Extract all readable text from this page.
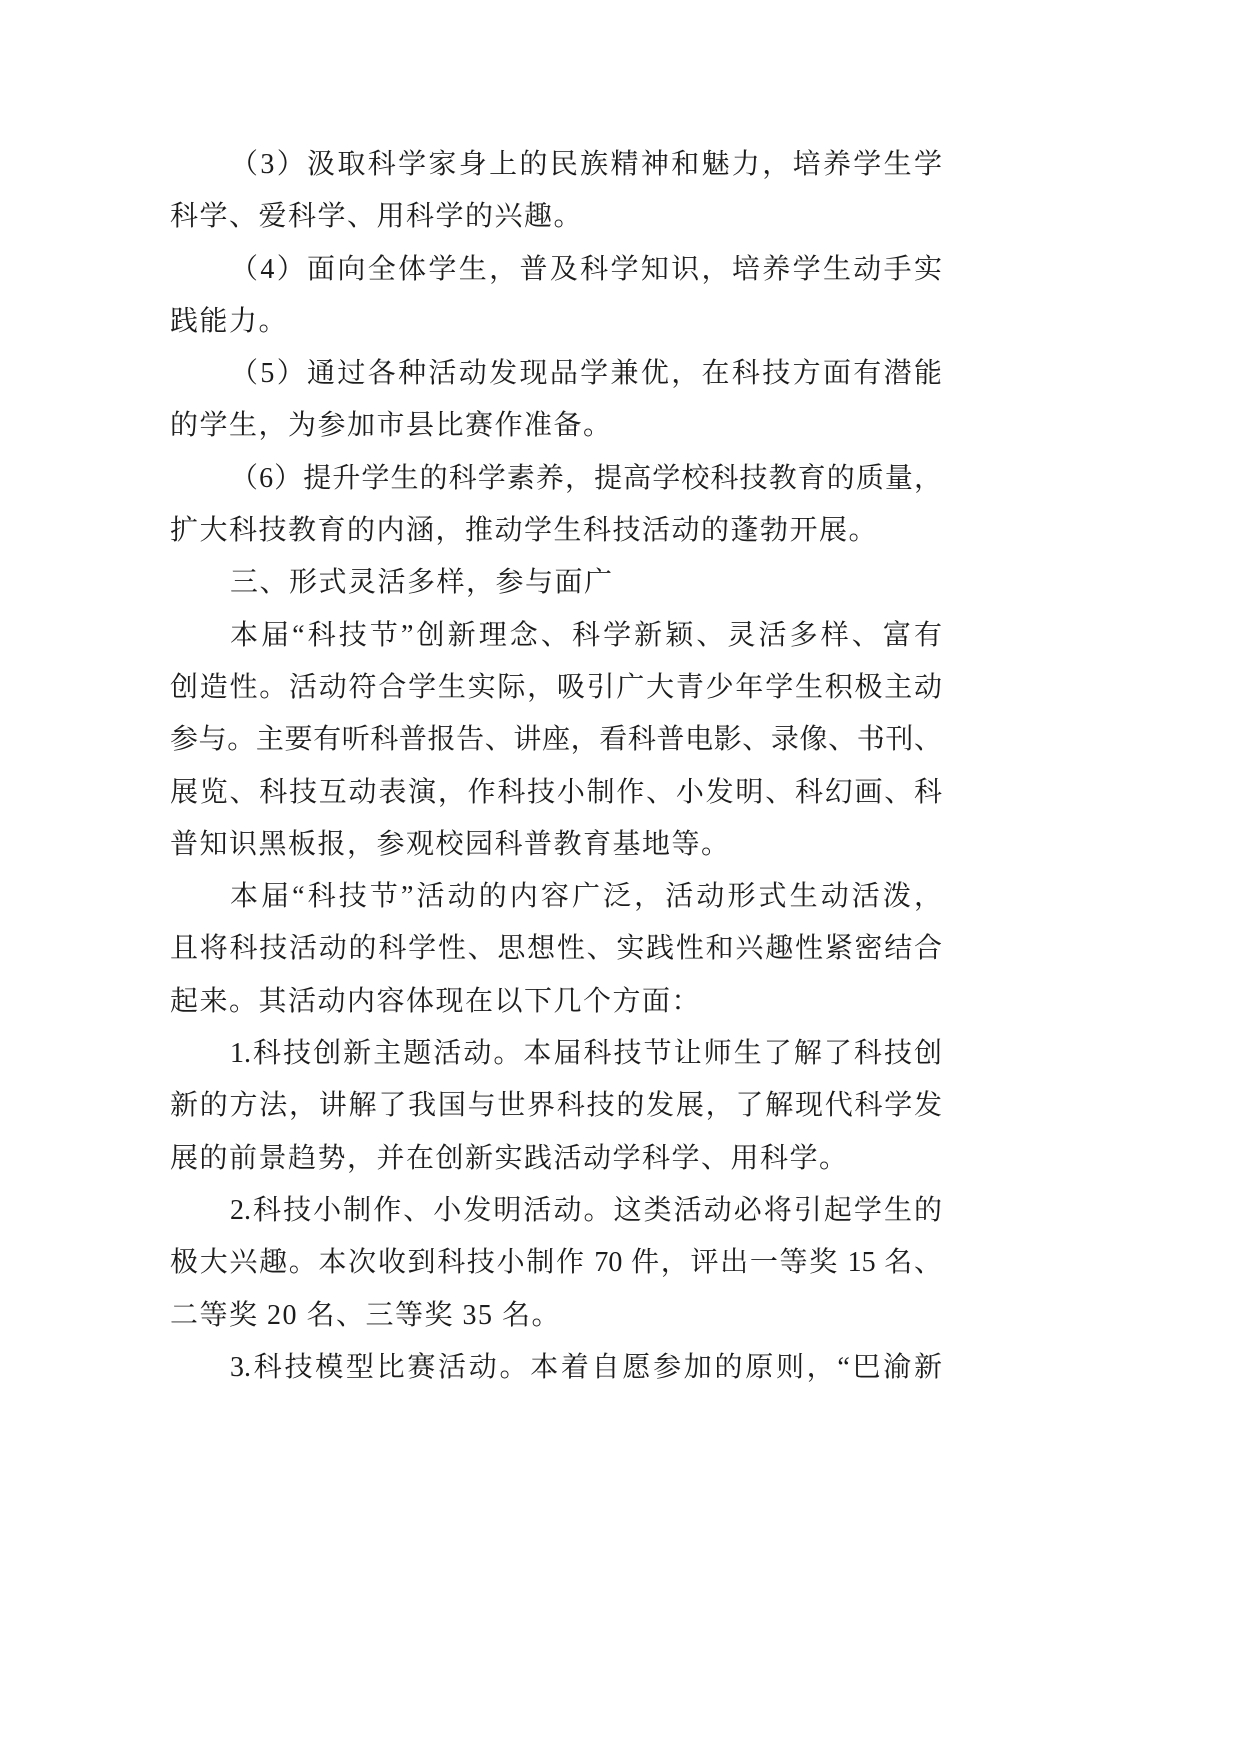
（3）汲取科学家身上的民族精神和魅力，培养学生学
科学、爱科学、用科学的兴趣。
（4）面向全体学生，普及科学知识，培养学生动手实
践能力。
（5）通过各种活动发现品学兼优，在科技方面有潜能
的学生，为参加市县比赛作准备。
（6）提升学生的科学素养，提高学校科技教育的质量，
扩大科技教育的内涵，推动学生科技活动的蓬勃开展。
三、形式灵活多样，参与面广
本届“科技节”创新理念、科学新颖、灵活多样、富有
创造性。活动符合学生实际，吸引广大青少年学生积极主动
参与。主要有听科普报告、讲座，看科普电影、录像、书刊、
展览、科技互动表演，作科技小制作、小发明、科幻画、科
普知识黑板报，参观校园科普教育基地等。
本届“科技节”活动的内容广泛，活动形式生动活泼，
且将科技活动的科学性、思想性、实践性和兴趣性紧密结合
起来。其活动内容体现在以下几个方面：
1.科技创新主题活动。本届科技节让师生了解了科技创
新的方法，讲解了我国与世界科技的发展，了解现代科学发
展的前景趋势，并在创新实践活动学科学、用科学。
2.科技小制作、小发明活动。这类活动必将引起学生的
极大兴趣。本次收到科技小制作 70 件，评出一等奖 15 名、
二等奖 20 名、三等奖 35 名。
3.科技模型比赛活动。本着自愿参加的原则，“巴渝新
